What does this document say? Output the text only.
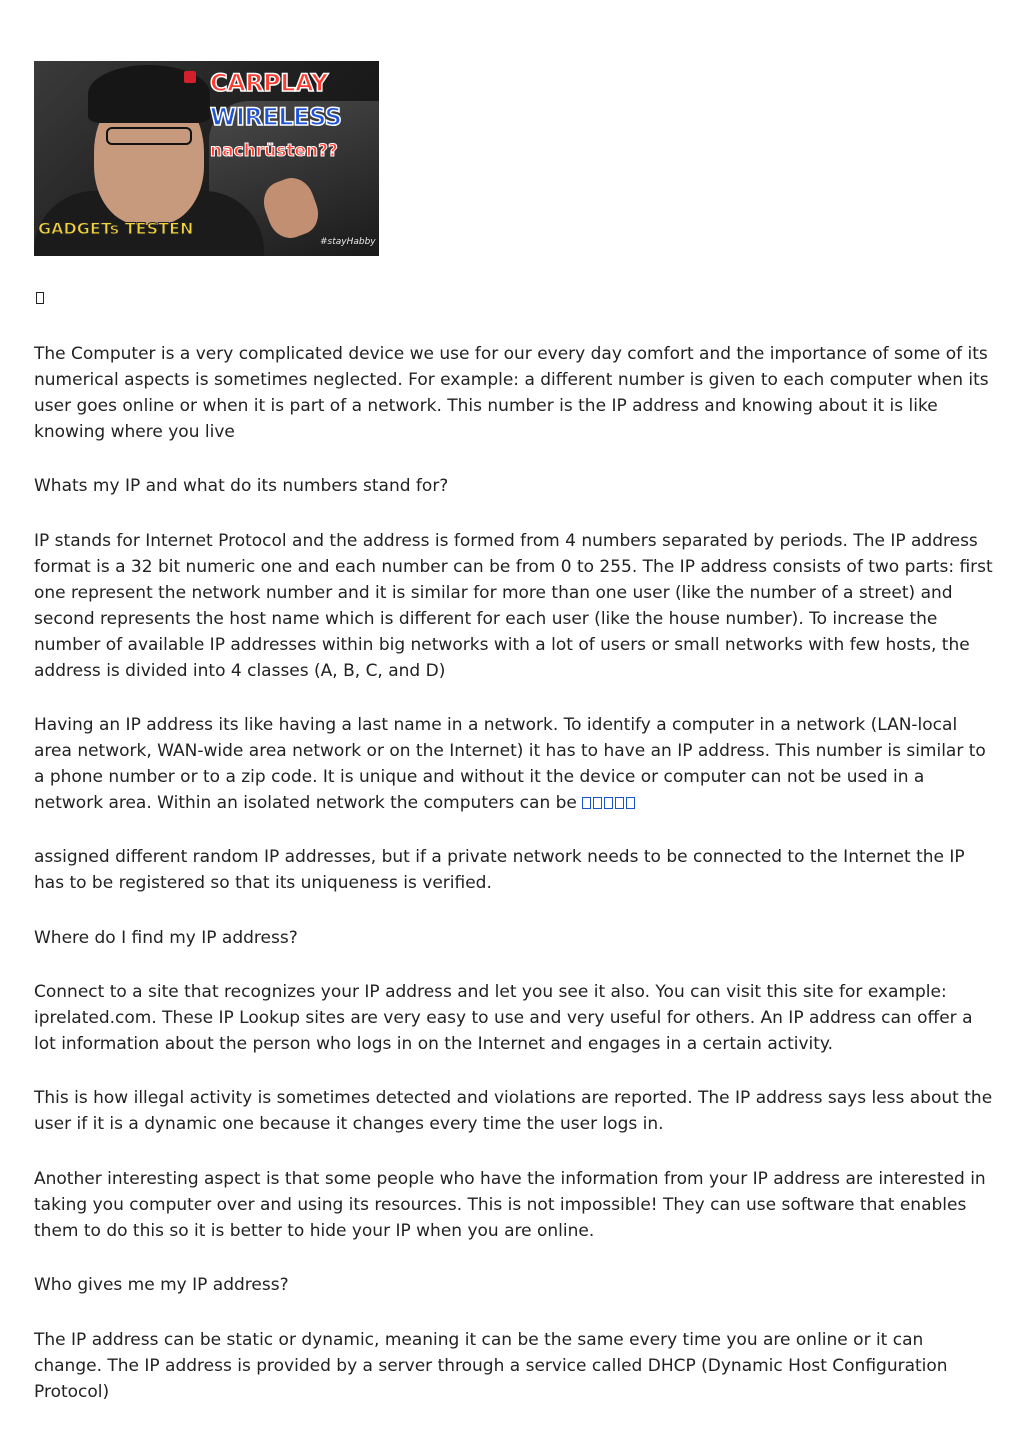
CARPLAY
WIRELESS
nachrüsten??
GADGETs TESTEN
#stayHabby

The Computer is a very complicated device we use for our every day comfort and the importance of some of its numerical aspects is sometimes neglected. For example: a different number is given to each computer when its user goes online or when it is part of a network. This number is the IP address and knowing about it is like knowing where you live

Whats my IP and what do its numbers stand for?

IP stands for Internet Protocol and the address is formed from 4 numbers separated by periods. The IP address format is a 32 bit numeric one and each number can be from 0 to 255. The IP address consists of two parts: first one represent the network number and it is similar for more than one user (like the number of a street) and second represents the host name which is different for each user (like the house number). To increase the number of available IP addresses within big networks with a lot of users or small networks with few hosts, the address is divided into 4 classes (A, B, C, and D)

Having an IP address its like having a last name in a network. To identify a computer in a network (LAN-local area network, WAN-wide area network or on the Internet) it has to have an IP address. This number is similar to a phone number or to a zip code. It is unique and without it the device or computer can not be used in a network area. Within an isolated network the computers can be

assigned different random IP addresses, but if a private network needs to be connected to the Internet the IP has to be registered so that its uniqueness is verified.

Where do I find my IP address?

Connect to a site that recognizes your IP address and let you see it also. You can visit this site for example: iprelated.com. These IP Lookup sites are very easy to use and very useful for others. An IP address can offer a lot information about the person who logs in on the Internet and engages in a certain activity.

This is how illegal activity is sometimes detected and violations are reported. The IP address says less about the user if it is a dynamic one because it changes every time the user logs in.

Another interesting aspect is that some people who have the information from your IP address are interested in taking you computer over and using its resources. This is not impossible! They can use software that enables them to do this so it is better to hide your IP when you are online.

Who gives me my IP address?

The IP address can be static or dynamic, meaning it can be the same every time you are online or it can change. The IP address is provided by a server through a service called DHCP (Dynamic Host Configuration Protocol)
